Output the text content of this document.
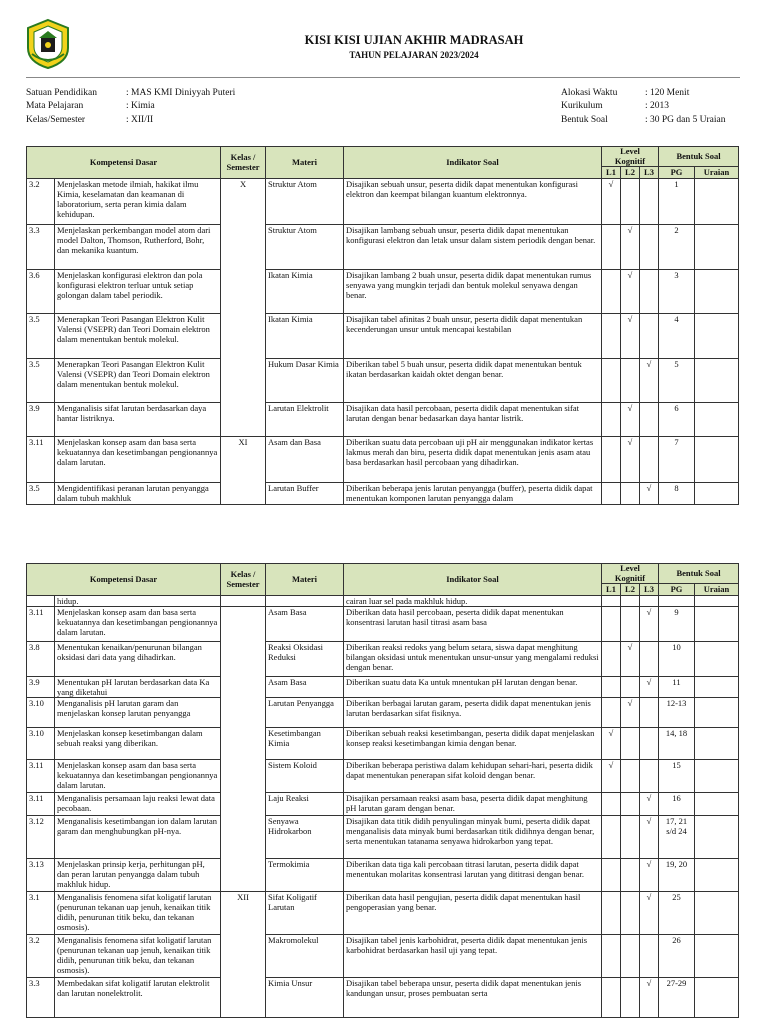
KISI KISI UJIAN AKHIR MADRASAH
TAHUN PELAJARAN 2023/2024
Satuan Pendidikan	: MAS KMI Diniyyah Puteri
Mata Pelajaran	: Kimia
Kelas/Semester	: XII/II
Alokasi Waktu	: 120 Menit
Kurikulum	: 2013
Bentuk Soal	: 30 PG dan 5 Uraian
Kompetensi Dasar		Kelas / Semester	Materi	Indikator Soal	Level Kognitif			Bentuk Soal	
					L1	L2	L3	PG	Uraian
3.2	Menjelaskan metode ilmiah, hakikat ilmu Kimia, keselamatan dan keamanan di laboratorium, serta peran kimia dalam kehidupan.	X	Struktur Atom	Disajikan sebuah unsur, peserta didik dapat menentukan konfigurasi elektron dan keempat bilangan kuantum elektronnya.	√			1	
3.3	Menjelaskan perkembangan model atom dari model Dalton, Thomson, Rutherford, Bohr, dan mekanika kuantum.		Struktur Atom	Disajikan lambang sebuah unsur, peserta didik dapat menentukan konfigurasi elektron dan letak unsur dalam sistem periodik dengan benar.		√		2	
3.6	Menjelaskan konfigurasi elektron dan pola konfigurasi elektron terluar untuk setiap golongan dalam tabel periodik.		Ikatan Kimia	Disajikan lambang 2 buah unsur, peserta didik dapat menentukan rumus senyawa yang mungkin terjadi dan bentuk molekul senyawa dengan benar.		√		3	
3.5	Menerapkan Teori Pasangan Elektron Kulit Valensi (VSEPR) dan Teori Domain elektron dalam menentukan bentuk molekul.		Ikatan Kimia	Disajikan tabel afinitas 2 buah unsur, peserta didik dapat menentukan kecenderungan unsur untuk mencapai kestabilan		√		4	
3.5	Menerapkan Teori Pasangan Elektron Kulit Valensi (VSEPR) dan Teori Domain elektron dalam menentukan bentuk molekul.		Hukum Dasar Kimia	Diberikan tabel 5 buah unsur, peserta didik dapat menentukan bentuk ikatan berdasarkan kaidah oktet dengan benar.			√	5	
3.9	Menganalisis sifat larutan berdasarkan daya hantar listriknya.		Larutan Elektrolit	Disajikan data hasil percobaan, peserta didik dapat menentukan sifat larutan dengan benar bedasarkan daya hantar listrik.		√		6	
3.11	Menjelaskan konsep asam dan basa serta kekuatannya dan kesetimbangan pengionannya dalam larutan.	XI	Asam dan Basa	Diberikan suatu data percobaan uji pH air menggunakan indikator kertas lakmus merah dan biru, peserta didik dapat menentukan jenis asam atau basa berdasarkan hasil percobaan yang dihadirkan.		√		7	
3.5	Mengidentifikasi peranan larutan penyangga dalam tubuh makhluk		Larutan Buffer	Diberikan beberapa jenis larutan penyangga (buffer), peserta didik dapat menentukan komponen larutan penyangga dalam			√	8	
Kompetensi Dasar		Kelas / Semester	Materi	Indikator Soal	Level Kognitif			Bentuk Soal	
					L1	L2	L3	PG	Uraian
	hidup.			cairan luar sel pada makhluk hidup.					
3.11	Menjelaskan konsep asam dan basa serta kekuatannya dan kesetimbangan pengionannya dalam larutan.		Asam Basa	Diberikan data hasil percobaan, peserta didik dapat menentukan konsentrasi larutan hasil titrasi asam basa			√	9	
3.8	Menentukan kenaikan/penurunan bilangan oksidasi dari data yang dihadirkan.		Reaksi Oksidasi Reduksi	Diberikan reaksi redoks yang belum setara, siswa dapat menghitung bilangan oksidasi untuk menentukan unsur-unsur yang mengalami reduksi dengan benar.		√		10	
3.9	Menentukan pH larutan berdasarkan data Ka yang diketahui		Asam Basa	Diberikan suatu data Ka untuk mnentukan pH larutan dengan benar.			√	11	
3.10	Menganalisis pH larutan garam dan menjelaskan konsep larutan penyangga		Larutan Penyangga	Diberikan berbagai larutan garam, peserta didik dapat menentukan jenis larutan berdasarkan sifat fisiknya.		√		12-13	
3.10	Menjelaskan konsep kesetimbangan dalam sebuah reaksi yang diberikan.		Kesetimbangan Kimia	Diberikan sebuah reaksi kesetimbangan, peserta didik dapat menjelaskan konsep reaksi kesetimbangan kimia dengan benar.	√			14, 18	
3.11	Menjelaskan konsep asam dan basa serta kekuatannya dan kesetimbangan pengionannya dalam larutan.		Sistem Koloid	Diberikan beberapa peristiwa dalam kehidupan sehari-hari, peserta didik dapat menentukan penerapan sifat koloid dengan benar.	√			15	
3.11	Menganalisis persamaan laju reaksi lewat data pecobaan.		Laju Reaksi	Disajikan persamaan reaksi asam basa, peserta didik dapat menghitung pH larutan garam dengan benar.			√	16	
3.12	Menganalisis kesetimbangan ion dalam larutan garam dan menghubungkan pH-nya.		Senyawa Hidrokarbon	Disajikan data titik didih penyulingan minyak bumi, peserta didik dapat menganalisis data minyak bumi berdasarkan titik didihnya dengan benar, serta menentukan tatanama senyawa hidrokarbon yang tepat.			√	17, 21 s/d 24	
3.13	Menjelaskan prinsip kerja, perhitungan pH, dan peran larutan penyangga dalam tubuh makhluk hidup.		Termokimia	Diberikan data tiga kali percobaan titrasi larutan, peserta didik dapat menentukan molaritas konsentrasi larutan yang dititrasi dengan benar.			√	19, 20	
3.1	Menganalisis fenomena sifat koligatif larutan (penurunan tekanan uap jenuh, kenaikan titik didih, penurunan titik beku, dan tekanan osmosis).	XII	Sifat Koligatif Larutan	Diberikan data hasil pengujian, peserta didik dapat menentukan hasil pengoperasian yang benar.			√	25	
3.2	Menganalisis fenomena sifat koligatif larutan (penurunan tekanan uap jenuh, kenaikan titik didih, penurunan titik beku, dan tekanan osmosis).		Makromolekul	Disajikan tabel jenis karbohidrat, peserta didik dapat menentukan jenis karbohidrat berdasarkan hasil uji yang tepat.				26	
3.3	Membedakan sifat koligatif larutan elektrolit dan larutan nonelektrolit.		Kimia Unsur	Disajikan tabel beberapa unsur, peserta didik dapat menentukan jenis kandungan unsur, proses pembuatan serta			√	27-29	
